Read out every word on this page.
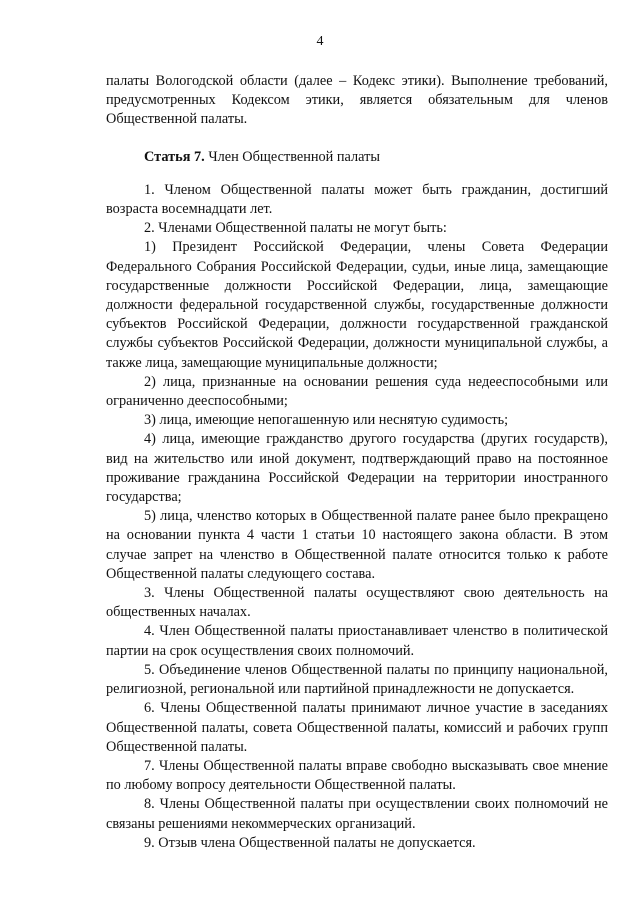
4

палаты Вологодской области (далее – Кодекс этики). Выполнение требований, предусмотренных Кодексом этики, является обязательным для членов Общественной палаты.

Статья 7. Член Общественной палаты

1. Членом Общественной палаты может быть гражданин, достигший возраста восемнадцати лет.

2. Членами Общественной палаты не могут быть:

1) Президент Российской Федерации, члены Совета Федерации Федерального Собрания Российской Федерации, судьи, иные лица, замещающие государственные должности Российской Федерации, лица, замещающие должности федеральной государственной службы, государственные должности субъектов Российской Федерации, должности государственной гражданской службы субъектов Российской Федерации, должности муниципальной службы, а также лица, замещающие муниципальные должности;

2) лица, признанные на основании решения суда недееспособными или ограниченно дееспособными;

3) лица, имеющие непогашенную или неснятую судимость;

4) лица, имеющие гражданство другого государства (других государств), вид на жительство или иной документ, подтверждающий право на постоянное проживание гражданина Российской Федерации на территории иностранного государства;

5) лица, членство которых в Общественной палате ранее было прекращено на основании пункта 4 части 1 статьи 10 настоящего закона области. В этом случае запрет на членство в Общественной палате относится только к работе Общественной палаты следующего состава.

3. Члены Общественной палаты осуществляют свою деятельность на общественных началах.

4. Член Общественной палаты приостанавливает членство в политической партии на срок осуществления своих полномочий.

5. Объединение членов Общественной палаты по принципу национальной, религиозной, региональной или партийной принадлежности не допускается.

6. Члены Общественной палаты принимают личное участие в заседаниях Общественной палаты, совета Общественной палаты, комиссий и рабочих групп Общественной палаты.

7. Члены Общественной палаты вправе свободно высказывать свое мнение по любому вопросу деятельности Общественной палаты.

8. Члены Общественной палаты при осуществлении своих полномочий не связаны решениями некоммерческих организаций.

9. Отзыв члена Общественной палаты не допускается.
